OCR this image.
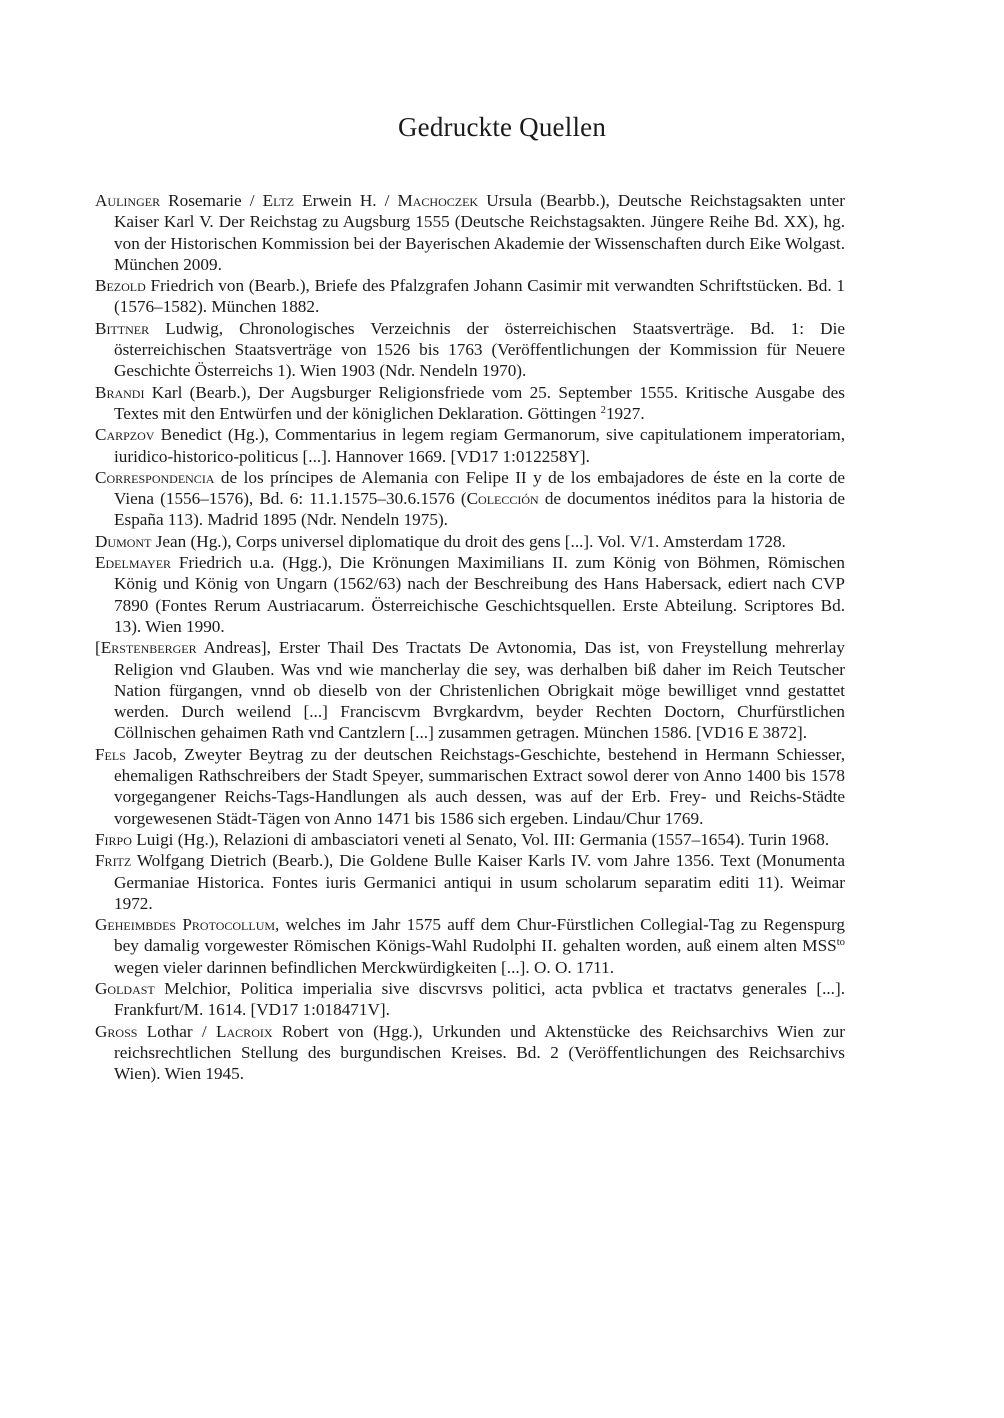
Gedruckte Quellen
Aulinger Rosemarie / Eltz Erwein H. / Machoczek Ursula (Bearbb.), Deutsche Reichstagsakten unter Kaiser Karl V. Der Reichstag zu Augsburg 1555 (Deutsche Reichstagsakten. Jüngere Reihe Bd. XX), hg. von der Historischen Kommission bei der Bayerischen Akademie der Wissenschaften durch Eike Wolgast. München 2009.
Bezold Friedrich von (Bearb.), Briefe des Pfalzgrafen Johann Casimir mit verwandten Schriftstücken. Bd. 1 (1576–1582). München 1882.
Bittner Ludwig, Chronologisches Verzeichnis der österreichischen Staatsverträge. Bd. 1: Die österreichischen Staatsverträge von 1526 bis 1763 (Veröffentlichungen der Kommission für Neuere Geschichte Österreichs 1). Wien 1903 (Ndr. Nendeln 1970).
Brandi Karl (Bearb.), Der Augsburger Religionsfriede vom 25. September 1555. Kritische Ausgabe des Textes mit den Entwürfen und der königlichen Deklaration. Göttingen $^2$1927.
Carpzov Benedict (Hg.), Commentarius in legem regiam Germanorum, sive capitulationem imperatoriam, iuridico-historico-politicus [...]. Hannover 1669. [VD17 1:012258Y].
Correspondencia de los príncipes de Alemania con Felipe II y de los embajadores de éste en la corte de Viena (1556–1576), Bd. 6: 11.1.1575–30.6.1576 (Colección de documentos inéditos para la historia de España 113). Madrid 1895 (Ndr. Nendeln 1975).
Dumont Jean (Hg.), Corps universel diplomatique du droit des gens [...]. Vol. V/1. Amsterdam 1728.
Edelmayer Friedrich u.a. (Hgg.), Die Krönungen Maximilians II. zum König von Böhmen, Römischen König und König von Ungarn (1562/63) nach der Beschreibung des Hans Habersack, ediert nach CVP 7890 (Fontes Rerum Austriacarum. Österreichische Geschichtsquellen. Erste Abteilung. Scriptores Bd. 13). Wien 1990.
[Erstenberger Andreas], Erster Thail Des Tractats De Avtonomia, Das ist, von Freystellung mehrerlay Religion vnd Glauben. Was vnd wie mancherlay die sey, was derhalben biß daher im Reich Teutscher Nation fürgangen, vnnd ob dieselb von der Christenlichen Obrigkait möge bewilliget vnnd gestattet werden. Durch weilend [...] Franciscvm Bvrgkardvm, beyder Rechten Doctorn, Churfürstlichen Cöllnischen gehaimen Rath vnd Cantzlern [...] zusammen getragen. München 1586. [VD16 E 3872].
Fels Jacob, Zweyter Beytrag zu der deutschen Reichstags-Geschichte, bestehend in Hermann Schiesser, ehemaligen Rathschreibers der Stadt Speyer, summarischen Extract sowol derer von Anno 1400 bis 1578 vorgegangener Reichs-Tags-Handlungen als auch dessen, was auf der Erb. Frey- und Reichs-Städte vorgewesenen Städt-Tägen von Anno 1471 bis 1586 sich ergeben. Lindau/Chur 1769.
Firpo Luigi (Hg.), Relazioni di ambasciatori veneti al Senato, Vol. III: Germania (1557–1654). Turin 1968.
Fritz Wolfgang Dietrich (Bearb.), Die Goldene Bulle Kaiser Karls IV. vom Jahre 1356. Text (Monumenta Germaniae Historica. Fontes iuris Germanici antiqui in usum scholarum separatim editi 11). Weimar 1972.
Geheimbdes Protocollum, welches im Jahr 1575 auff dem Chur-Fürstlichen Collegial-Tag zu Regenspurg bey damalig vorgewester Römischen Königs-Wahl Rudolphi II. gehalten worden, auß einem alten $MSS^{to}$ wegen vieler darinnen befindlichen Merckwürdigkeiten [...]. O. O. 1711.
Goldast Melchior, Politica imperialia sive discvrsvs politici, acta pvblica et tractatvs generales [...]. Frankfurt/M. 1614. [VD17 1:018471V].
Gross Lothar / Lacroix Robert von (Hgg.), Urkunden und Aktenstücke des Reichsarchivs Wien zur reichsrechtlichen Stellung des burgundischen Kreises. Bd. 2 (Veröffentlichungen des Reichsarchivs Wien). Wien 1945.
